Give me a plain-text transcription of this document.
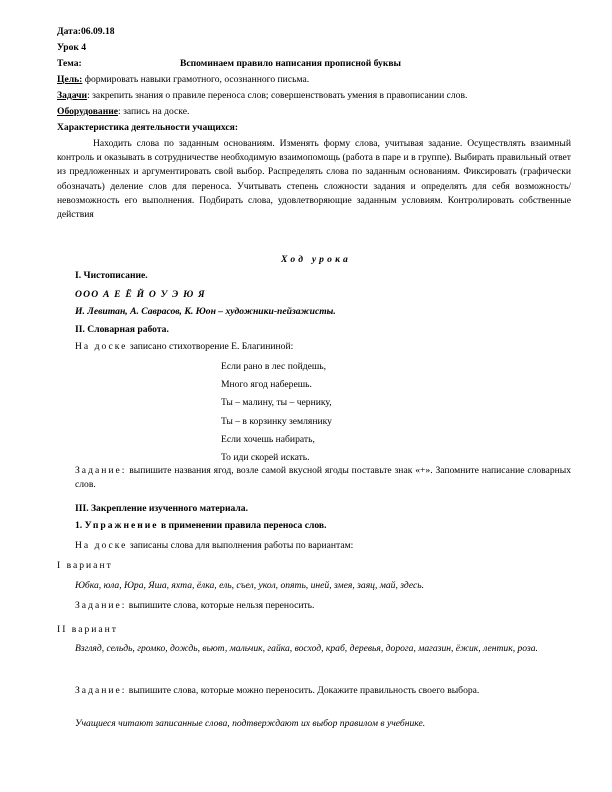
Дата:06.09.18
Урок 4
Тема:	Вспоминаем правило написания прописной буквы
Цель: формировать навыки грамотного, осознанного письма.
Задачи: закрепить знания о правиле переноса слов; совершенствовать умения в правописании слов.
Оборудование: запись на доске.
Характеристика деятельности учащихся:
Находить слова по заданным основаниям. Изменять форму слова, учитывая задание. Осуществлять взаимный контроль и оказывать в сотрудничестве необходимую взаимопомощь (работа в паре и в группе). Выбирать правильный ответ из предложенных и аргументировать свой выбор. Распределять слова по заданным основаниям. Фиксировать (графически обозначать) деление слов для переноса. Учитывать степень сложности задания и определять для себя возможность/невозможность его выполнения. Подбирать слова, удовлетворяющие заданным условиям. Контролировать собственные действия
Ход урока
I. Чистописание.
ООО А Е Ё Й О У Э Ю Я
И. Левитан, А. Саврасов, К. Юон – художники-пейзажисты.
II. Словарная работа.
На доске записано стихотворение Е. Благининой:
Если рано в лес пойдешь,
Много ягод наберешь.
Ты – малину, ты – чернику,
Ты – в корзинку землянику
Если хочешь набирать,
То иди скорей искать.
Задание: выпишите названия ягод, возле самой вкусной ягоды поставьте знак «+». Запомните написание словарных слов.
III. Закрепление изученного материала.
1. Упражнение в применении правила переноса слов.
На доске записаны слова для выполнения работы по вариантам:
I вариант
Юбка, юла, Юра, Яша, яхта, ёлка, ель, съел, укол, опять, иней, змея, заяц, май, здесь.
Задание: выпишите слова, которые нельзя переносить.
II вариант
Взгляд, сельдь, громко, дождь, вьют, мальчик, гайка, восход, краб, деревья, дорога, магазин, ёжик, лентик, роза.
Задание: выпишите слова, которые можно переносить. Докажите правильность своего выбора.
Учащиеся читают записанные слова, подтверждают их выбор правилом в учебнике.
